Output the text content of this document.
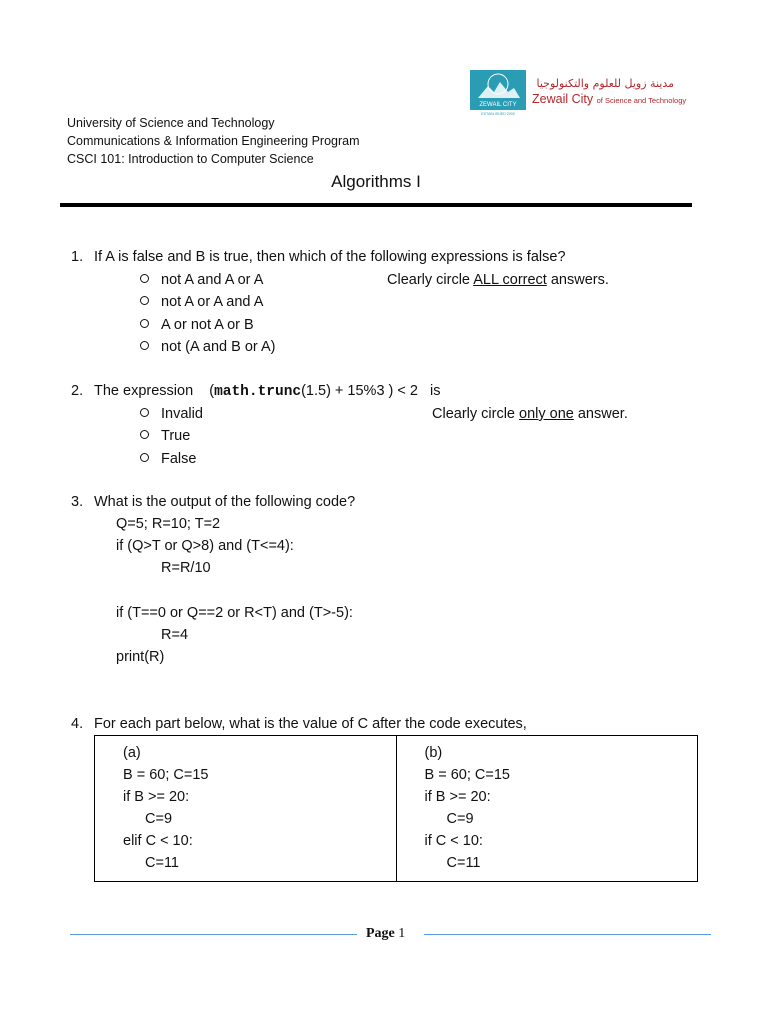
ZEWAIL CITY
ESTABLISHED 2000
مدينة زويل للعلوم والتكنولوجيا
Zewail City of Science and Technology
University of Science and Technology
Communications & Information Engineering Program
CSCI 101: Introduction to Computer Science
Algorithms I
1. If A is false and B is true, then which of the following expressions is false?
not A and A or A
not A or A and A
A or not A or B
not (A and B or A)
Clearly circle ALL correct answers.
2. The expression    (math.trunc(1.5) + 15%3 ) < 2   is
Invalid
True
False
Clearly circle only one answer.
3. What is the output of the following code?
Q=5; R=10; T=2
if (Q>T or Q>8) and (T<=4):
R=R/10
if (T==0 or Q==2 or R<T) and (T>-5):
R=4
print(R)
4. For each part below, what is the value of C after the code executes,
(a)
B = 60; C=15
if B >= 20:
C=9
elif C < 10:
C=11

(b)
B = 60; C=15
if B >= 20:
C=9
if C < 10:
C=11
Page 1
